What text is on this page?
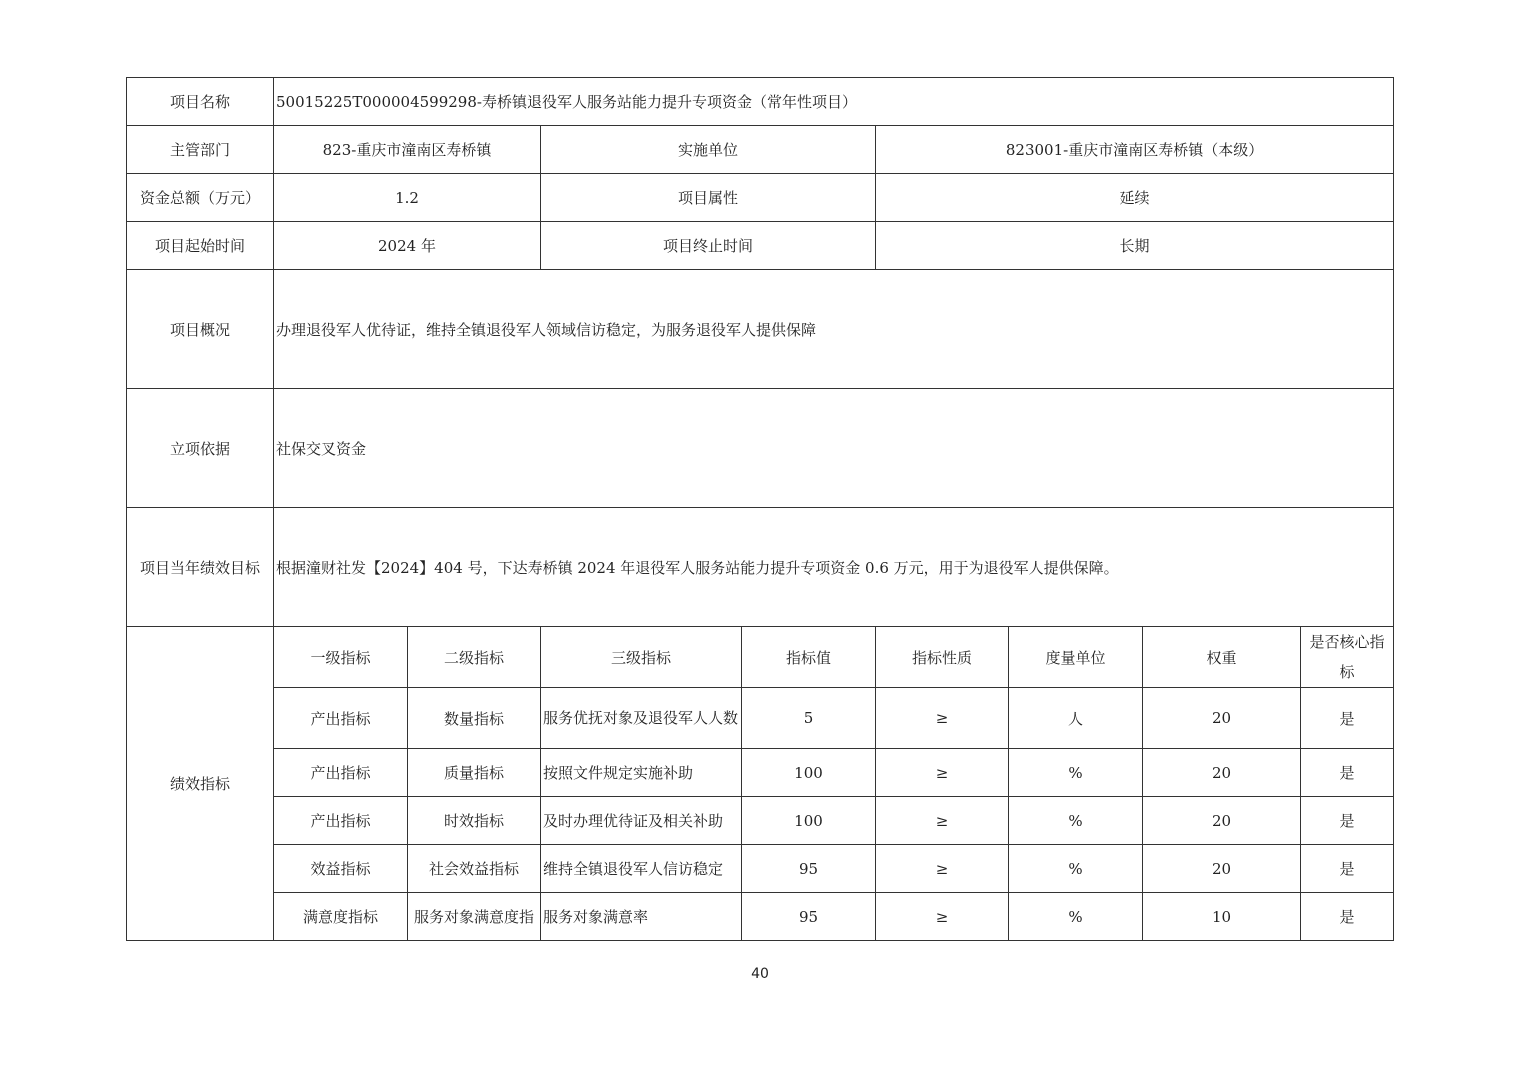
项目名称	50015225T000004599298-寿桥镇退役军人服务站能力提升专项资金（常年性项目）							
主管部门	823-重庆市潼南区寿桥镇		实施单位		823001-重庆市潼南区寿桥镇（本级）			
资金总额（万元）	1.2		项目属性		延续			
项目起始时间	2024 年		项目终止时间		长期			
项目概况	办理退役军人优待证，维持全镇退役军人领域信访稳定，为服务退役军人提供保障							
立项依据	社保交叉资金							
项目当年绩效目标	根据潼财社发【2024】404 号，下达寿桥镇 2024 年退役军人服务站能力提升专项资金 0.6 万元，用于为退役军人提供保障。							
绩效指标	一级指标	二级指标	三级指标	指标值	指标性质	度量单位	权重	是否核心指标
	产出指标	数量指标	服务优抚对象及退役军人人数	5	≥	人	20	是
	产出指标	质量指标	按照文件规定实施补助	100	≥	%	20	是
	产出指标	时效指标	及时办理优待证及相关补助	100	≥	%	20	是
	效益指标	社会效益指标	维持全镇退役军人信访稳定	95	≥	%	20	是
	满意度指标	服务对象满意度指	服务对象满意率	95	≥	%	10	是
40
